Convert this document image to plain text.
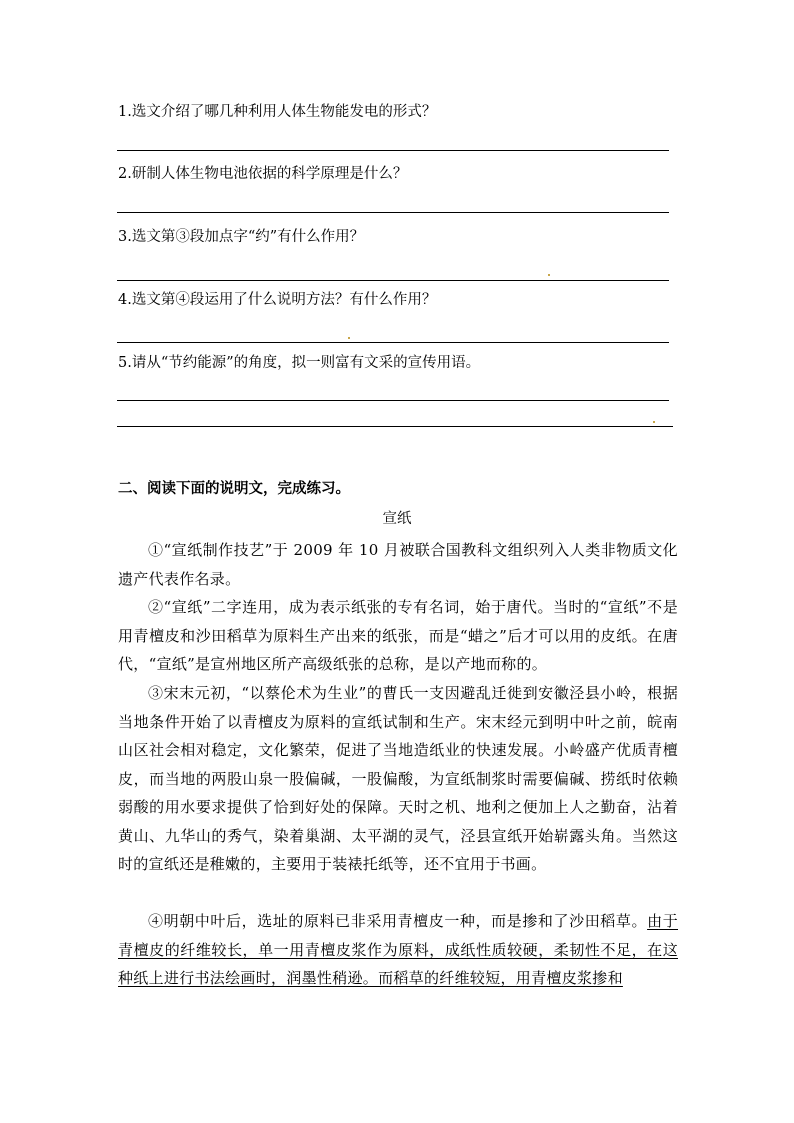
1.选文介绍了哪几种利用人体生物能发电的形式？
2.研制人体生物电池依据的科学原理是什么？
3.选文第③段加点字“约”有什么作用？
4.选文第④段运用了什么说明方法？有什么作用？
5.请从“节约能源”的角度，拟一则富有文采的宣传用语。
二、阅读下面的说明文，完成练习。
宣纸

①“宣纸制作技艺”于 2009 年 10 月被联合国教科文组织列入人类非物质文化遗产代表作名录。

②“宣纸”二字连用，成为表示纸张的专有名词，始于唐代。当时的“宣纸”不是用青檀皮和沙田稻草为原料生产出来的纸张，而是“蜡之”后才可以用的皮纸。在唐代，“宣纸”是宣州地区所产高级纸张的总称，是以产地而称的。

③宋末元初，“以蔡伦术为生业”的曹氏一支因避乱迁徙到安徽泾县小岭，根据当地条件开始了以青檀皮为原料的宣纸试制和生产。宋末经元到明中叶之前，皖南山区社会相对稳定，文化繁荣，促进了当地造纸业的快速发展。小岭盛产优质青檀皮，而当地的两股山泉一股偏碱，一股偏酸，为宣纸制浆时需要偏碱、捞纸时依赖弱酸的用水要求提供了恰到好处的保障。天时之机、地利之便加上人之勤奋，沾着黄山、九华山的秀气，染着巢湖、太平湖的灵气，泾县宣纸开始崭露头角。当然这时的宣纸还是稚嫩的，主要用于装裱托纸等，还不宜用于书画。

④明朝中叶后，选址的原料已非采用青檀皮一种，而是掺和了沙田稻草。由于青檀皮的纤维较长，单一用青檀皮浆作为原料，成纸性质较硬，柔韧性不足，在这种纸上进行书法绘画时，润墨性稍逊。而稻草的纤维较短，用青檀皮浆掺和
